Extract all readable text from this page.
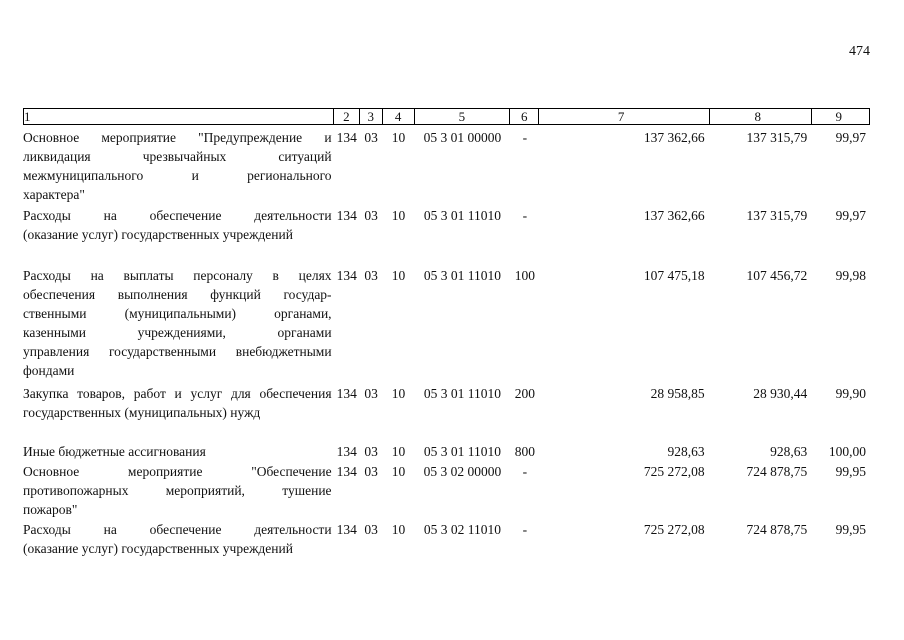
474
1	2	3	4	5	6	7	8	9
Основное мероприятие "Предупреждение и
ликвидация чрезвычайных ситуаций
межмуниципального и регионального
характера"
134 03	10	05 3 01 00000	-	137 362,66	137 315,79	99,97
Расходы на обеспечение деятельности
(оказание услуг) государственных учреждений
134 03	10	05 3 01 11010	-	137 362,66	137 315,79	99,97
Расходы на выплаты персоналу в целях
обеспечения выполнения функций государ-
ственными (муниципальными) органами,
казенными учреждениями, органами
управления государственными внебюджетными
фондами
134 03	10	05 3 01 11010	100	107 475,18	107 456,72	99,98
Закупка товаров, работ и услуг для обеспечения
государственных (муниципальных) нужд
134 03	10	05 3 01 11010	200	28 958,85	28 930,44	99,90
Иные бюджетные ассигнования	134 03	10	05 3 01 11010	800	928,63	928,63	100,00
Основное мероприятие "Обеспечение
противопожарных мероприятий, тушение
пожаров"
134 03	10	05 3 02 00000	-	725 272,08	724 878,75	99,95
Расходы на обеспечение деятельности
(оказание услуг) государственных учреждений
134 03	10	05 3 02 11010	-	725 272,08	724 878,75	99,95
